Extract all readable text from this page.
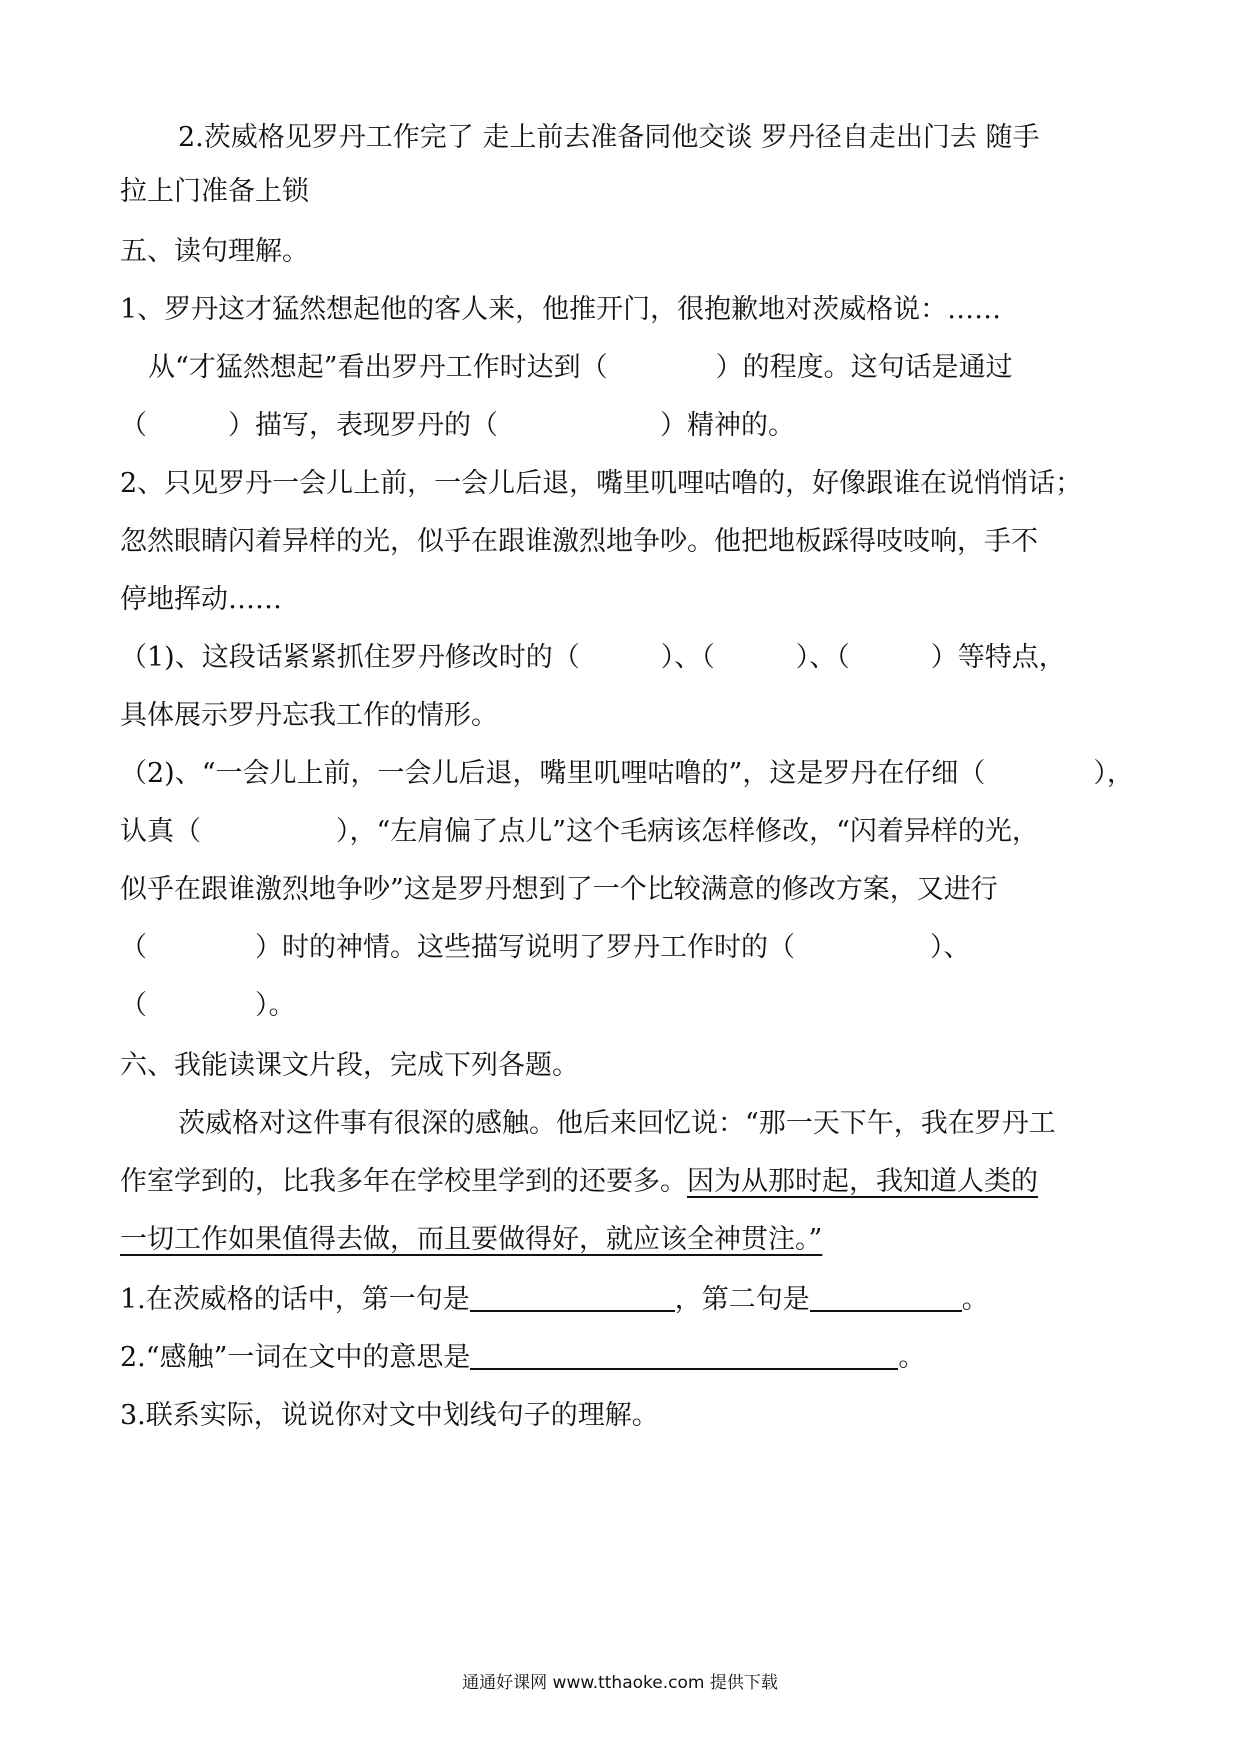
2.茨威格见罗丹工作完了 走上前去准备同他交谈 罗丹径自走出门去 随手
拉上门准备上锁
五、读句理解。
1、罗丹这才猛然想起他的客人来，他推开门，很抱歉地对茨威格说：……
从“才猛然想起”看出罗丹工作时达到（　　　　）的程度。这句话是通过
（　　　）描写，表现罗丹的（　　　　　　）精神的。
2、只见罗丹一会儿上前，一会儿后退，嘴里叽哩咕噜的，好像跟谁在说悄悄话；
忽然眼睛闪着异样的光，似乎在跟谁激烈地争吵。他把地板踩得吱吱响，手不
停地挥动……
（1)、这段话紧紧抓住罗丹修改时的（　　　）、（　　　）、（　　　）等特点，
具体展示罗丹忘我工作的情形。
（2)、“一会儿上前，一会儿后退，嘴里叽哩咕噜的”，这是罗丹在仔细（　　　　），
认真（　　　　　），“左肩偏了点儿”这个毛病该怎样修改，“闪着异样的光，
似乎在跟谁激烈地争吵”这是罗丹想到了一个比较满意的修改方案，又进行
（　　　　）时的神情。这些描写说明了罗丹工作时的（　　　　　）、
（　　　　）。
六、我能读课文片段，完成下列各题。
茨威格对这件事有很深的感触。他后来回忆说：“那一天下午，我在罗丹工
作室学到的，比我多年在学校里学到的还要多。因为从那时起，我知道人类的
一切工作如果值得去做，而且要做得好，就应该全神贯注。”
1.在茨威格的话中，第一句是	，第二句是	。
2.“感触”一词在文中的意思是	。
3.联系实际，说说你对文中划线句子的理解。
通通好课网 www.tthaoke.com 提供下载
